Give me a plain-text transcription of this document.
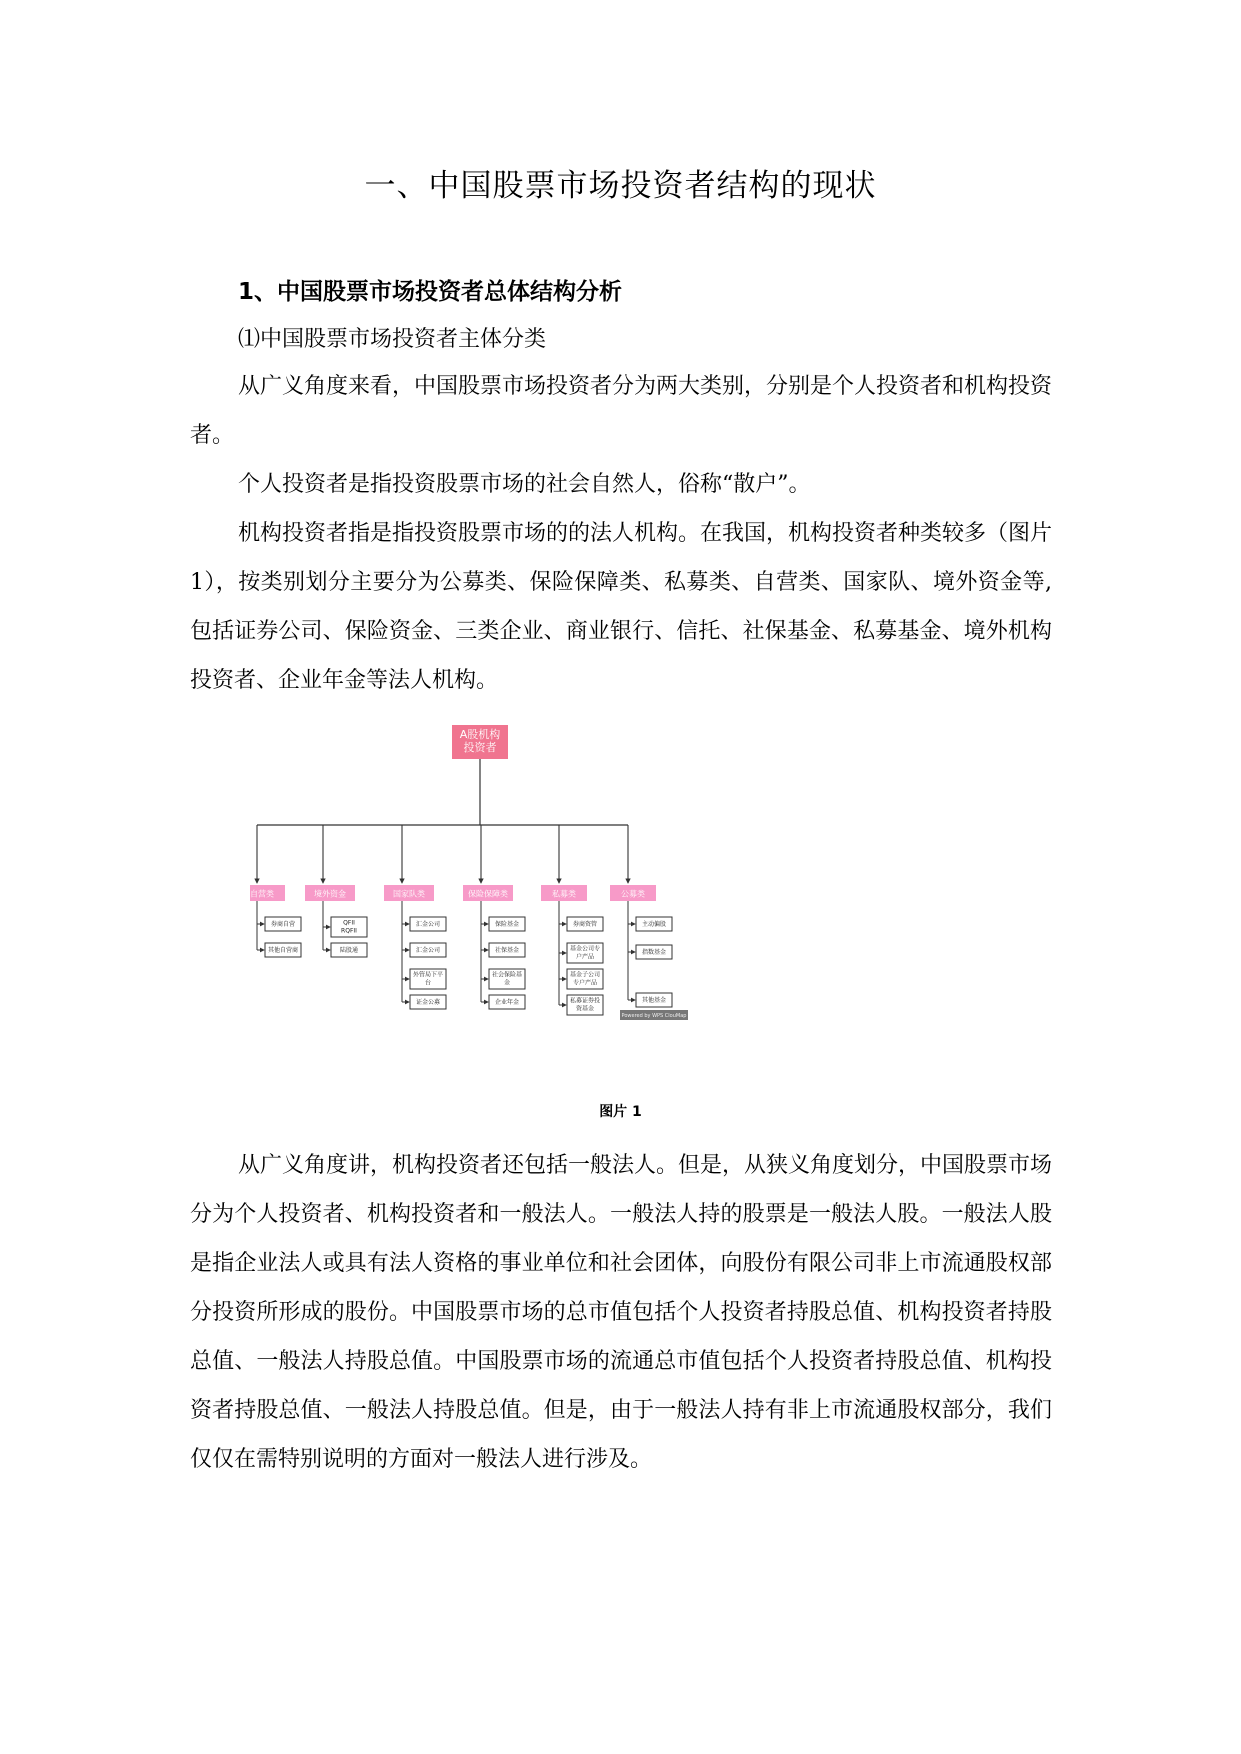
一、中国股票市场投资者结构的现状

1、中国股票市场投资者总体结构分析

⑴中国股票市场投资者主体分类

从广义角度来看，中国股票市场投资者分为两大类别，分别是个人投资者和机构投资者。

个人投资者是指投资股票市场的社会自然人，俗称“散户”。

机构投资者指是指投资股票市场的的法人机构。在我国，机构投资者种类较多（图片 1），按类别划分主要分为公募类、保险保障类、私募类、自营类、国家队、境外资金等,包括证券公司、保险资金、三类企业、商业银行、信托、社保基金、私募基金、境外机构投资者、企业年金等法人机构。

A股机构
投资者
自营类
券商自营
其他自营商
境外资金
QFII
RQFII
陆股通
国家队类
汇金公司
汇金公司
外管局下平
台
证金公募
保险保障类
保险基金
社保基金
社会保险基
金
企业年金
私募类
券商资管
基金公司专
户产品
基金子公司
专户产品
私募证券投
资基金
公募类
主动偏股
指数基金
其他基金
Powered by WPS ClouMap

图片 1

从广义角度讲，机构投资者还包括一般法人。但是，从狭义角度划分，中国股票市场分为个人投资者、机构投资者和一般法人。一般法人持的股票是一般法人股。一般法人股是指企业法人或具有法人资格的事业单位和社会团体，向股份有限公司非上市流通股权部分投资所形成的股份。中国股票市场的总市值包括个人投资者持股总值、机构投资者持股总值、一般法人持股总值。中国股票市场的流通总市值包括个人投资者持股总值、机构投资者持股总值、一般法人持股总值。但是，由于一般法人持有非上市流通股权部分，我们仅仅在需特别说明的方面对一般法人进行涉及。
